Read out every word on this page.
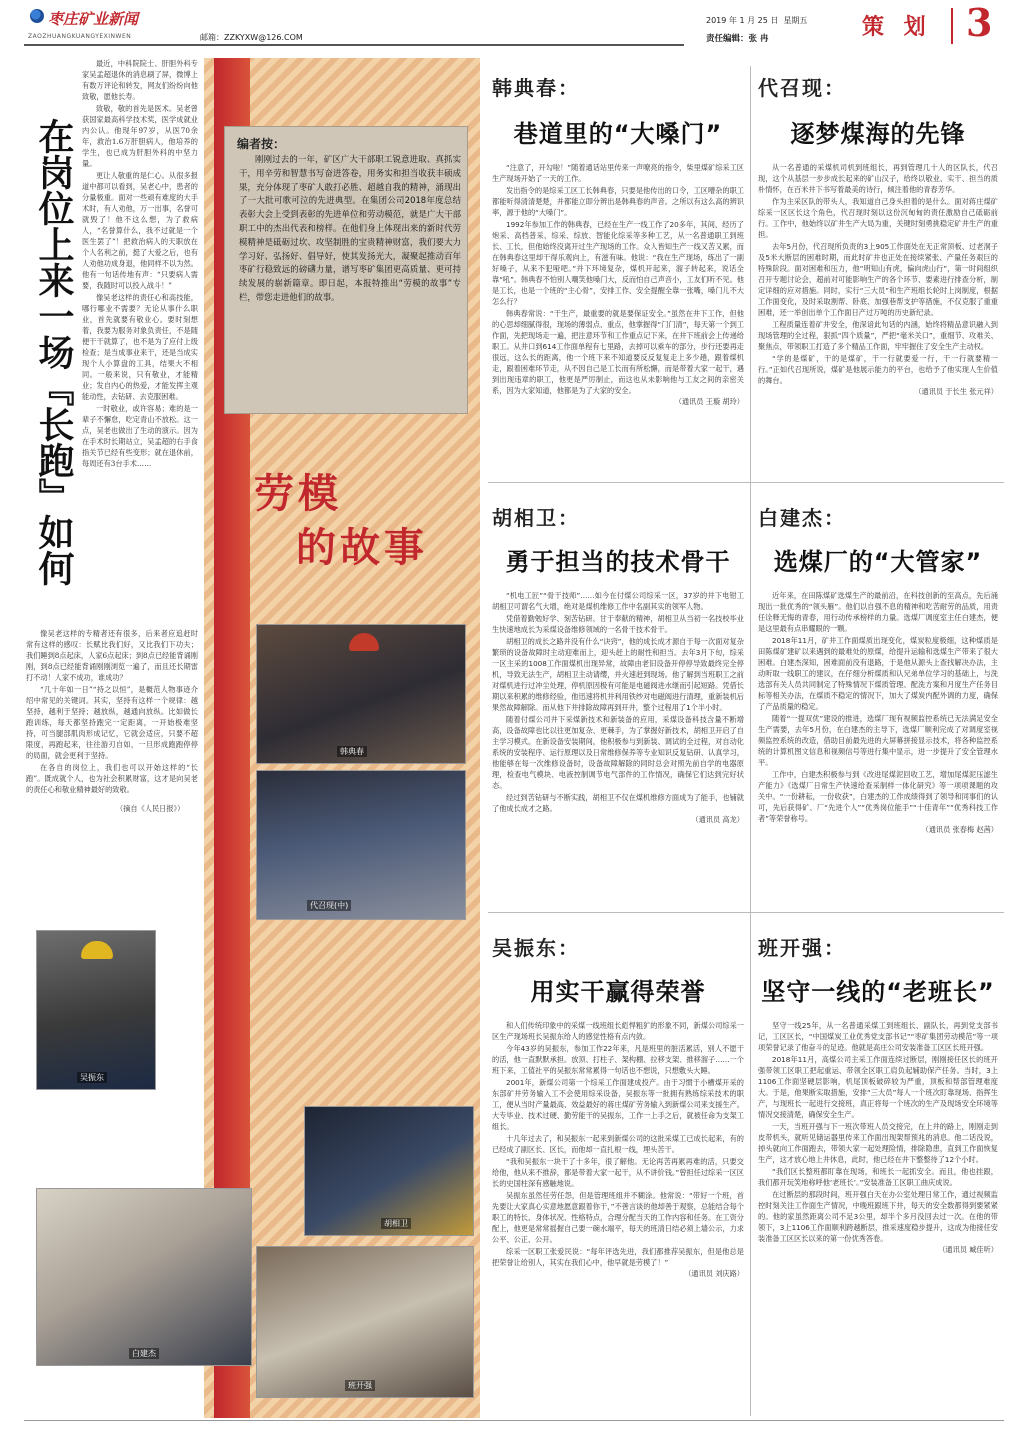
枣庄矿业新闻
ZAOZHUANGKUANGYEXINWEN	邮箱：ZZKYXW@126.COM
2019 年 1 月 25 日 星期五
责任编辑：张 冉	策 划 3
在岗位上来一场『长跑』如何

最近，中科院院士、肝胆外科专家吴孟超退休的消息刷了屏，微博上有数万评论和转发，网友们纷纷向他致敬，愿他长寿。

致敬，敬的首先是医术。吴老曾获国家最高科学技术奖，医学成就业内公认。他现年97岁，从医70余年，救治1.6万肝胆病人，他培养的学生，也已成为肝胆外科的中坚力量。

更让人敬重的是仁心。从很多报道中都可以看到，吴老心中，患者的分量极重。面对一些顽有难度的大手术时，有人劝他，万一出事，名誉可就毁了！他不这么想，为了救病人，“名誉算什么，我不过就是一个医生罢了”！把救治病人的天职放在个人名利之前，挺了大爱之后，也有人劝他功成身退，他同样不以为然。他有一句话传地有声：“只要病人需要，我随时可以投入战斗！”

像吴老这样的责任心和高技能，哪行哪业不需要？无论从事什么职业，首先就要有敬业心。要时刻想着，我要为服务对象负责任，不是随便干干就算了，也不是为了应付上级检查；是当成事业来干，还是当成实现个人小算盘的工具，结果大不相同。一般来说，只有敬业，才能精业；发自内心的热爱，才能发挥主观能动性，去钻研、去克服困难。

一时敬业，或许容易；难的是一辈子不懈怠，吃定青山不放松。这一点，吴老也做出了生动的演示。因为在手术时长期站立，吴孟超的右手食指关节已经有些变形；就在退休前，每周还有3台手术……

像吴老这样的专精者还有很多，后来者应追赶时常有这样的感叹：长赋比我们好，又比我们下功夫；我们睡到8点起床，人家6点起床；到8点已经能背诵刚刚，到8点已经能背诵刚刚浏览一遍了，而且还长期雷打不动！人家不成功，谁成功？

“几十年如一日”“持之以恒”，是概范人物事迹介绍中常见的关键词。其实，坚持有这样一个规律：越坚持，越利于坚持；越放纵，越通向放纵。比如做长跑训练，每天都坚持跑完一定距离，一开始极难坚持，可当腿部肌肉形成记忆，它就会适应，只要不超限度，再跑起来，往往游刃自如，一旦形成跑跑停停的局面，就会更利于坚持。

在各自的岗位上，我们也可以开始这样的“长跑”。既成就个人，也为社会积累财富，这才是向吴老的责任心和敬业精神最好的致敬。

（摘自《人民日报》）

编者按：

刚刚过去的一年，矿区广大干部职工锐意进取、真抓实干，用辛劳和智慧书写奋进答卷，用务实和担当收获丰硕成果，充分体现了枣矿人敢打必胜、超越自我的精神，涌现出了一大批可歌可泣的先进典型。在集团公司2018年度总结表彰大会上受到表彰的先进单位和劳动模范，就是广大干部职工中的杰出代表和榜样。在他们身上体现出来的新时代劳模精神是砥砺过坎、攻坚制胜的宝贵精神财富，我们要大力学习好、弘扬好、倡导好，使其发扬光大，凝聚起推动百年枣矿行稳致远的磅礴力量，谱写枣矿集团更高质量、更可持续发展的崭新篇章。即日起，本报特推出“劳模的故事”专栏，带您走进他们的故事。

劳模
的故事
韩典春
代召现(中)
胡相卫
班开强
吴振东
白建杰
韩典春：
巷道里的“大嗓门”

“注意了，开勾啦！”随着通话站里传来一声嘹亮的指令，柴里煤矿综采工区生产现场开始了一天的工作。

发出指令的是综采工区工长韩典春，只要是他传出的口令，工区嘈杂的职工都能听得清清楚楚，并都能立即分辨出是韩典春的声音。之所以有这么高的辨识率，源于他的“大嗓门”。

1992年参加工作的韩典春，已经在生产一线工作了20多年，其间，经历了炮采、高档普采、综采、综放、智能化综采等多种工艺，从一名普通职工到班长、工长，但他始终没离开过生产现场的工作。众人皆知生产一线又苦又累，而在韩典春这里却干得乐观向上，有滋有味。他说：“我在生产现场，练出了一副好嗓子，从来不犯哑吧。”并下环境复杂，煤机开起来，溜子转起来，说话全靠“吼”。韩典春不怕别人嘲笑他嗓门大，反而怕自己声音小，工友们听不见。他是工长，也是一个班的“主心骨”，安排工作、安全提醒全靠一张嘴，嗓门儿不大怎么行？

韩典春常说：“干生产，最重要的就是要保证安全。”虽然在井下工作，但他的心思却细腻得很，现场的薄弱点、重点，他掌握得“门门清”，每天第一个到工作面，先把现场走一遍，把注意环节和工作重点记下来，在井下班前会上传递给职工。从井口到614工作面单程有七里路，去掉可以乘车的部分，步行还要再走很远，这么长的距离，他一个班下来不知道要反反复复走上多少趟，跟着煤机走，跟着困难环节走，从不因自己是工长而有所松懈，而是带着大家一起干，遇到出现违章的职工，他更是严厉制止，而这也从未影响他与工友之间的亲密关系，因为大家知道，他都是为了大家的安全。

（通讯员 王璇 胡玲）

代召现：
逐梦煤海的先锋

从一名普通的采煤机司机到班组长，再到管理几十人的区队长，代召现，这个从基层一步步成长起来的矿山汉子，给终以敬业、实干、担当的质朴情怀，在百米井下书写着最美的诗行，倾注着他的青春芳华。

作为主采区队的带头人，我知道自己身头担着的是什么。面对蒋庄煤矿综采一区区长这个角色，代召现时刻以这份沉甸甸的责任激励自己砥砺前行。工作中，他始终以矿井生产大局为重，关键时刻勇挑稳定矿井生产的重担。

去年5月份，代召现所负责的3上905工作面处在无正常顶板、过老洞子及5米大断层的困难时期，而此时矿井也正处在接续紧张、产量任务艰巨的特殊阶段。面对困难和压力，他“明知山有虎，偏向虎山行”，第一时间组织召开专题讨论会，超前对可能影响生产的各个环节、要素进行排查分析，制定详细的应对措施。同时，实行“三大员”和生产班组长轮时上岗制度，根据工作面变化，及时采取割帮、卧底、加强巷帮支护等措施，不仅克服了重重困难，还一举创出单个工作面日产过万吨的历史新纪录。

工程质量连着矿井安全，他深谙此句话的内涵，始终将精品意识融入到现场管理的全过程，狠抓“四个质量”，严把“毫米关口”，重细节、攻难关、聚焦点，带领职工打造了多个精品工作面，牢牢握住了安全生产主动权。

“学的是煤矿，干的是煤矿，干一行就要爱一行，干一行就要精一行。”正如代召现所说，煤矿是他展示能力的平台，也给予了他实现人生价值的舞台。

（通讯员 于长生 张元祥）

胡相卫：
勇于担当的技术骨干

“机电工匠”“骨干技师”……如今在付煤公司综采一区，37岁的井下电钳工胡相卫可谓名气大增，绝对是煤机维修工作中名副其实的领军人物。

凭借着勤勉好学、刻苦钻研、甘于奉献的精神，胡相卫从当初一名技校毕业生快速地成长为采煤设备维修领域的一名骨干技术骨干。

胡相卫的成长之路并没有什么“诀窍”，他的成长成才源自于每一次面对复杂繁琐的设备故障时主动迎难而上，迎头赶上的耐性和担当。去年3月下旬，综采一区主采的1008工作面煤机出现异常，故障由老旧设备开停停导致最终完全停机，导致无法生产，胡相卫主动请缨，并火速赶到现场。他了解到当班职工之前对煤机进行过冲尘处理，停机原因极有可能是电磁阀进水继而引起短路。凭借长期以来积累的维修经验，他迅速将机井利用铁纱对电磁阀进行清理，重新装机后果然故障解除。而从他下井排除故障再到开井，整个过程用了1个半小时。

随着付煤公司井下采煤新技术和新装备的应用，采煤设备科技含量不断增高，设备故障也比以往更加复杂、更棘手，为了掌握好新技术，胡相卫开启了自主学习模式。在新设备安装期间，他积极参与到新装、调试的全过程，对自动化系统的安装程序、运行原理以及日常维修保养等专业知识反复钻研、认真学习，他能够在每一次维修设备时，设备故障解除的同时总会对照先前自学的电器原理，检查电气模块、电液控制调节电气部件的工作情况，确保它们达到完好状态。

经过到苦钻研与不断实践，胡相卫不仅在煤机维修方面成为了能手，也铺就了他成长成才之路。

（通讯员 高龙）

白建杰：
选煤厂的“大管家”

近年来，在田陈煤矿选煤生产的最前沿，在科技创新的至高点，先后涌现出一批优秀的“领头雁”。他们以自强不息的精神和吃苦耐劳的品质，用责任诠释无悔的青春，用行动传承榜样的力量。选煤厂调度室主任白建杰，便是这里最有点串耀眼的一颗。

2018年11月，矿井工作面煤质出现变化，煤炭粒度极细，这种煤质是田陈煤矿建矿以来遇到的最难处的原煤，给提升运输和选煤生产带来了很大困难。白建杰深知，困难面前没有退路，于是他从源头上查找解决办法，主动听取一线职工的建议，在仔细分析煤质和认兄弟单位学习的基础上，与洗选部有关人员共同制定了特殊情况下煤质管理、配洗方案和月度生产任务目标等相关办法，在煤质不稳定的情况下，加大了煤炭内配外调的力度，确保了产品质量的稳定。

随着“一提双优”建设的推进，选煤厂现有视频监控系统已无法满足安全生产需要，去年5月份，在白建杰的主导下，选煤厂顺利完成了对调度室视频监控系统的改造，借助目前最先进的大屏幕拼接显示技术，将各种监控系统的计算机图文信息和视频信号等进行集中显示，进一步提升了安全管理水平。

工作中，白建杰积极参与到《改进尾煤泥回收工艺，增加尾煤泥压滤生产能力》《选煤厂日常生产快速给查采制样一体化研究》等一项项课题的攻关中。“一份耕耘，一份收获”，白建杰的工作成绩得到了领导和同事们的认可，先后获得矿、厂“先进个人”“优秀岗位能手”“十佳青年”“优秀科技工作者”等荣誉称号。

（通讯员 张春梅 赵茜）

吴振东：
用实干赢得荣誉

和人们传统印象中的采煤一线班组长彪悍粗犷的形象不同，新煤公司综采一区生产现场班长吴振东给人的感觉性格有点内敛。

今年43岁的吴振东，参加工作22年来，凡是班里的脏活累活，别人不愿干的活，他一直默默承担。放顶、打柱子、架构棚、拉移支架、推移溜子……一个班下来，工值社平的吴振东常常累得一句话也不想说，只想敷头大睡。

2001年，新煤公司第一个综采工作面建成投产。由于习惯于小槽煤开采的东部矿井劳务输入工不会使用综采设备，吴振东等一批拥有熟练综采技术的职工，便从当时产量最高、效益最好的蒋庄煤矿劳务输入到新煤公司来支援生产。大专毕业、技术过硬、勤劳能干的吴振东，工作一上手之后，就被任命为支架工组长。

十几年过去了，和吴振东一起来到新煤公司的这批采煤工已成长起来，有的已经成了副区长、区长，而他却一直扎根一线，埋头苦干。

“我和吴振东一块干了十多年，很了解他。无论再苦再累再难的活，只要交给他，他从来不推辞，都是带着大家一起干，从不讲价钱。”曾担任过综采一区区长的史国柱深有感触地说。

吴振东虽然任劳任怨，但是管理班组并不糊涂。他常说：“带好一个班，首先要让大家真心实意地愿意跟着你干，”不善言谈的他却善于观察，总能结合每个职工的特长、身体状况、性格特点，合理分配当天的工作内容和任务。在工资分配上，他更是常常摇握自己要一碗水端平，每天的班清日结必须上墙公示，力求公平、公正、公开。

综采一区职工张爱民说：“每年评选先进，我们都推荐吴振东，但是他总是把荣誉让给别人，其实在我们心中，他早就是劳模了！”

（通讯员 刘庆路）

班开强：
坚守一线的“老班长”

坚守一线25年，从一名普通采煤工到班组长、副队长，再到党支部书记，工区区长，“中国煤炭工业优秀党支部书记”“枣矿集团劳动模范”等一项项荣誉记录了他奋斗的足迹。他就是高庄公司安装准备工区区长班开强。

2018年11月，高煤公司主采工作面连续过断层，刚刚接任区长的班开强带领工区职工把起重运、带领全区职工肩负起辅助保产任务。当时，3上1106工作面坚硬层影响，机尾顶板破碎较为严重，顶板和帮部管理难度大。于是，他果断实取措施，安排“三大员”每人一个班次盯靠现场、指挥生产，与现班长一起进行交接班，真正将每一个班次的生产及现场安全环境等情况交接清楚，确保安全生产。

一天，当班开强与下一班次带班人员交接完，在上井的路上，刚刚走到皮带机头，就听见储运器里传来工作面出现架帮预兆的消息。他二话没说，掉头就向工作面跑去，带领大家一起处理险情，排除隐患，直到工作面恢复生产，这才放心地上井休息，此时，他已经在井下整整待了12个小时。

“我们区长整班都盯靠在现场，和班长一起抓安全。而且，他也挂跟，我们都开玩笑地称呼他‘老班长’。”安装准备工区职工曲庆成说。

在过断层的那段时间，班开强白天在办公室处理日常工作，通过视频监控时刻关注工作面生产情况，中晚班跟班下井，每天的安全数都得到要紧紧的。他的家虽然距离公司不足3公里，却半个多月没回去过一次。在他的带领下，3上1106工作面顺利跨越断层，推采速度稳步提升，这成为他接任安装准备工区区长以来的第一份优秀答卷。

（通讯员 臧佳听）
